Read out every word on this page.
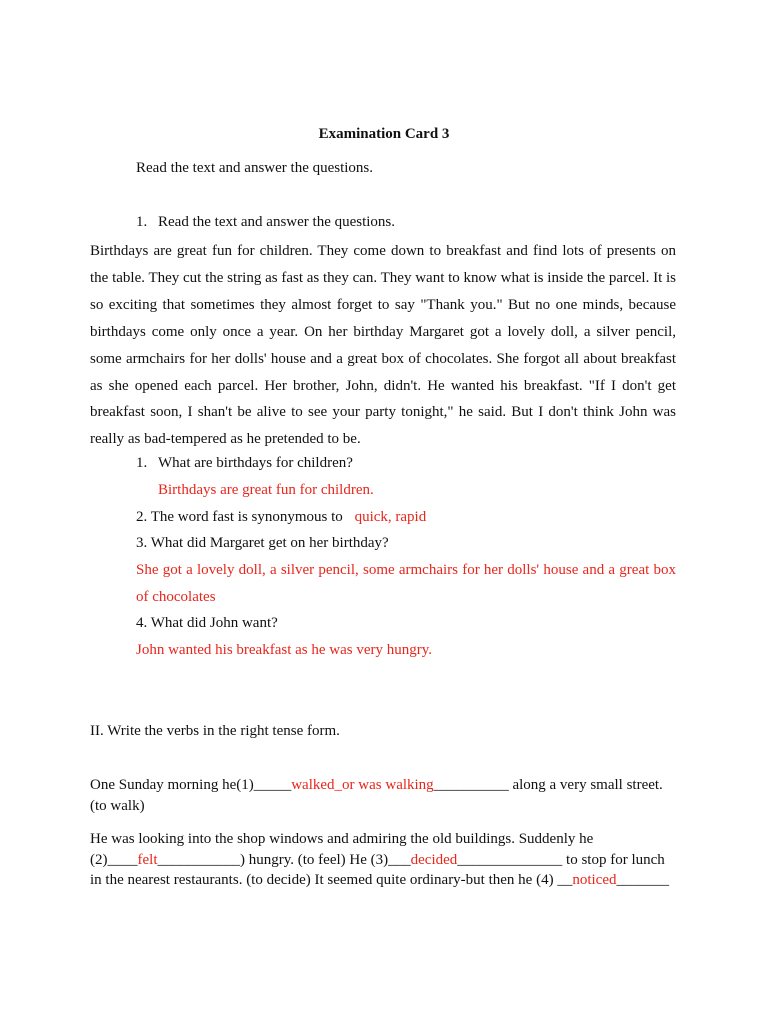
Examination Card 3
Read the text and answer the questions.
1. Read the text and answer the questions.
Birthdays are great fun for children. They come down to breakfast and find lots of presents on the table. They cut the string as fast as they can. They want to know what is inside the parcel. It is so exciting that sometimes they almost forget to say "Thank you." But no one minds, because birthdays come only once a year. On her birthday Margaret got a lovely doll, a silver pencil, some armchairs for her dolls' house and a great box of chocolates. She forgot all about breakfast as she opened each parcel. Her brother, John, didn't. He wanted his breakfast. "If I don't get breakfast soon, I shan't be alive to see your party tonight," he said. But I don't think John was really as bad-tempered as he pretended to be.
1. What are birthdays for children?
Birthdays are great fun for children.
2. The word fast is synonymous to quick, rapid
3. What did Margaret get on her birthday?
She got a lovely doll, a silver pencil, some armchairs for her dolls' house and a great box of chocolates
4. What did John want?
John wanted his breakfast as he was very hungry.
II. Write the verbs in the right tense form.
One Sunday morning he(1)_____walked_or was walking__________ along a very small street. (to walk)
He was looking into the shop windows and admiring the old buildings. Suddenly he (2)____felt___________) hungry. (to feel) He (3)___decided______________ to stop for lunch in the nearest restaurants. (to decide) It seemed quite ordinary-but then he (4) __noticed_______
